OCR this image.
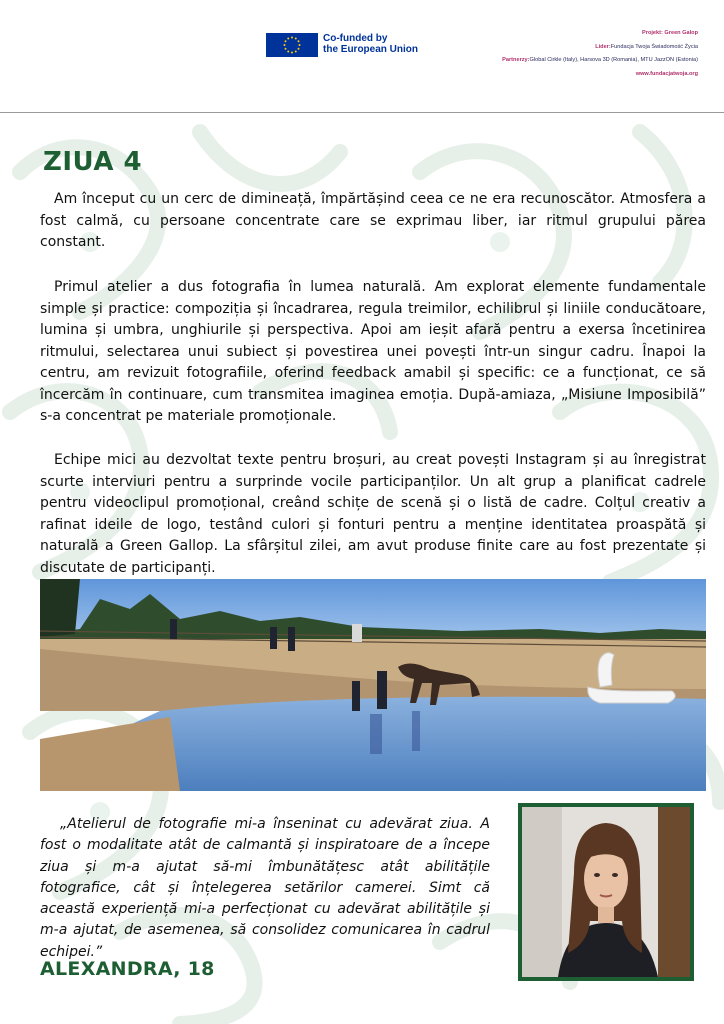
Co-funded by
the European Union
Projekt: Green Galop
Lider:Fundacja Twoja Świadomość Życia
Partnerzy:Global Cirkle (Italy), Harsova 3D (Romania), MTU JazzON (Estonia)
www.fundacjatwoja.org
ZIUA 4

Am început cu un cerc de dimineață, împărtășind ceea ce ne era recunoscător. Atmosfera a fost calmă, cu persoane concentrate care se exprimau liber, iar ritmul grupului părea constant.

Primul atelier a dus fotografia în lumea naturală. Am explorat elemente fundamentale simple și practice: compoziția și încadrarea, regula treimilor, echilibrul și liniile conducătoare, lumina și umbra, unghiurile și perspectiva. Apoi am ieșit afară pentru a exersa încetinirea ritmului, selectarea unui subiect și povestirea unei povești într-un singur cadru. Înapoi la centru, am revizuit fotografiile, oferind feedback amabil și specific: ce a funcționat, ce să încercăm în continuare, cum transmitea imaginea emoția. După-amiaza, „Misiune Imposibilă” s-a concentrat pe materiale promoționale.

Echipe mici au dezvoltat texte pentru broșuri, au creat povești Instagram și au înregistrat scurte interviuri pentru a surprinde vocile participanților. Un alt grup a planificat cadrele pentru videoclipul promoțional, creând schițe de scenă și o listă de cadre. Colțul creativ a rafinat ideile de logo, testând culori și fonturi pentru a menține identitatea proaspătă și naturală a Green Gallop. La sfârșitul zilei, am avut produse finite care au fost prezentate și discutate de participanți.

„Atelierul de fotografie mi-a înseninat cu adevărat ziua. A fost o modalitate atât de calmantă și inspiratoare de a începe ziua și m-a ajutat să-mi îmbunătățesc atât abilitățile fotografice, cât și înțelegerea setărilor camerei. Simt că această experiență mi-a perfecționat cu adevărat abilitățile și m-a ajutat, de asemenea, să consolidez comunicarea în cadrul echipei.”

ALEXANDRA, 18
